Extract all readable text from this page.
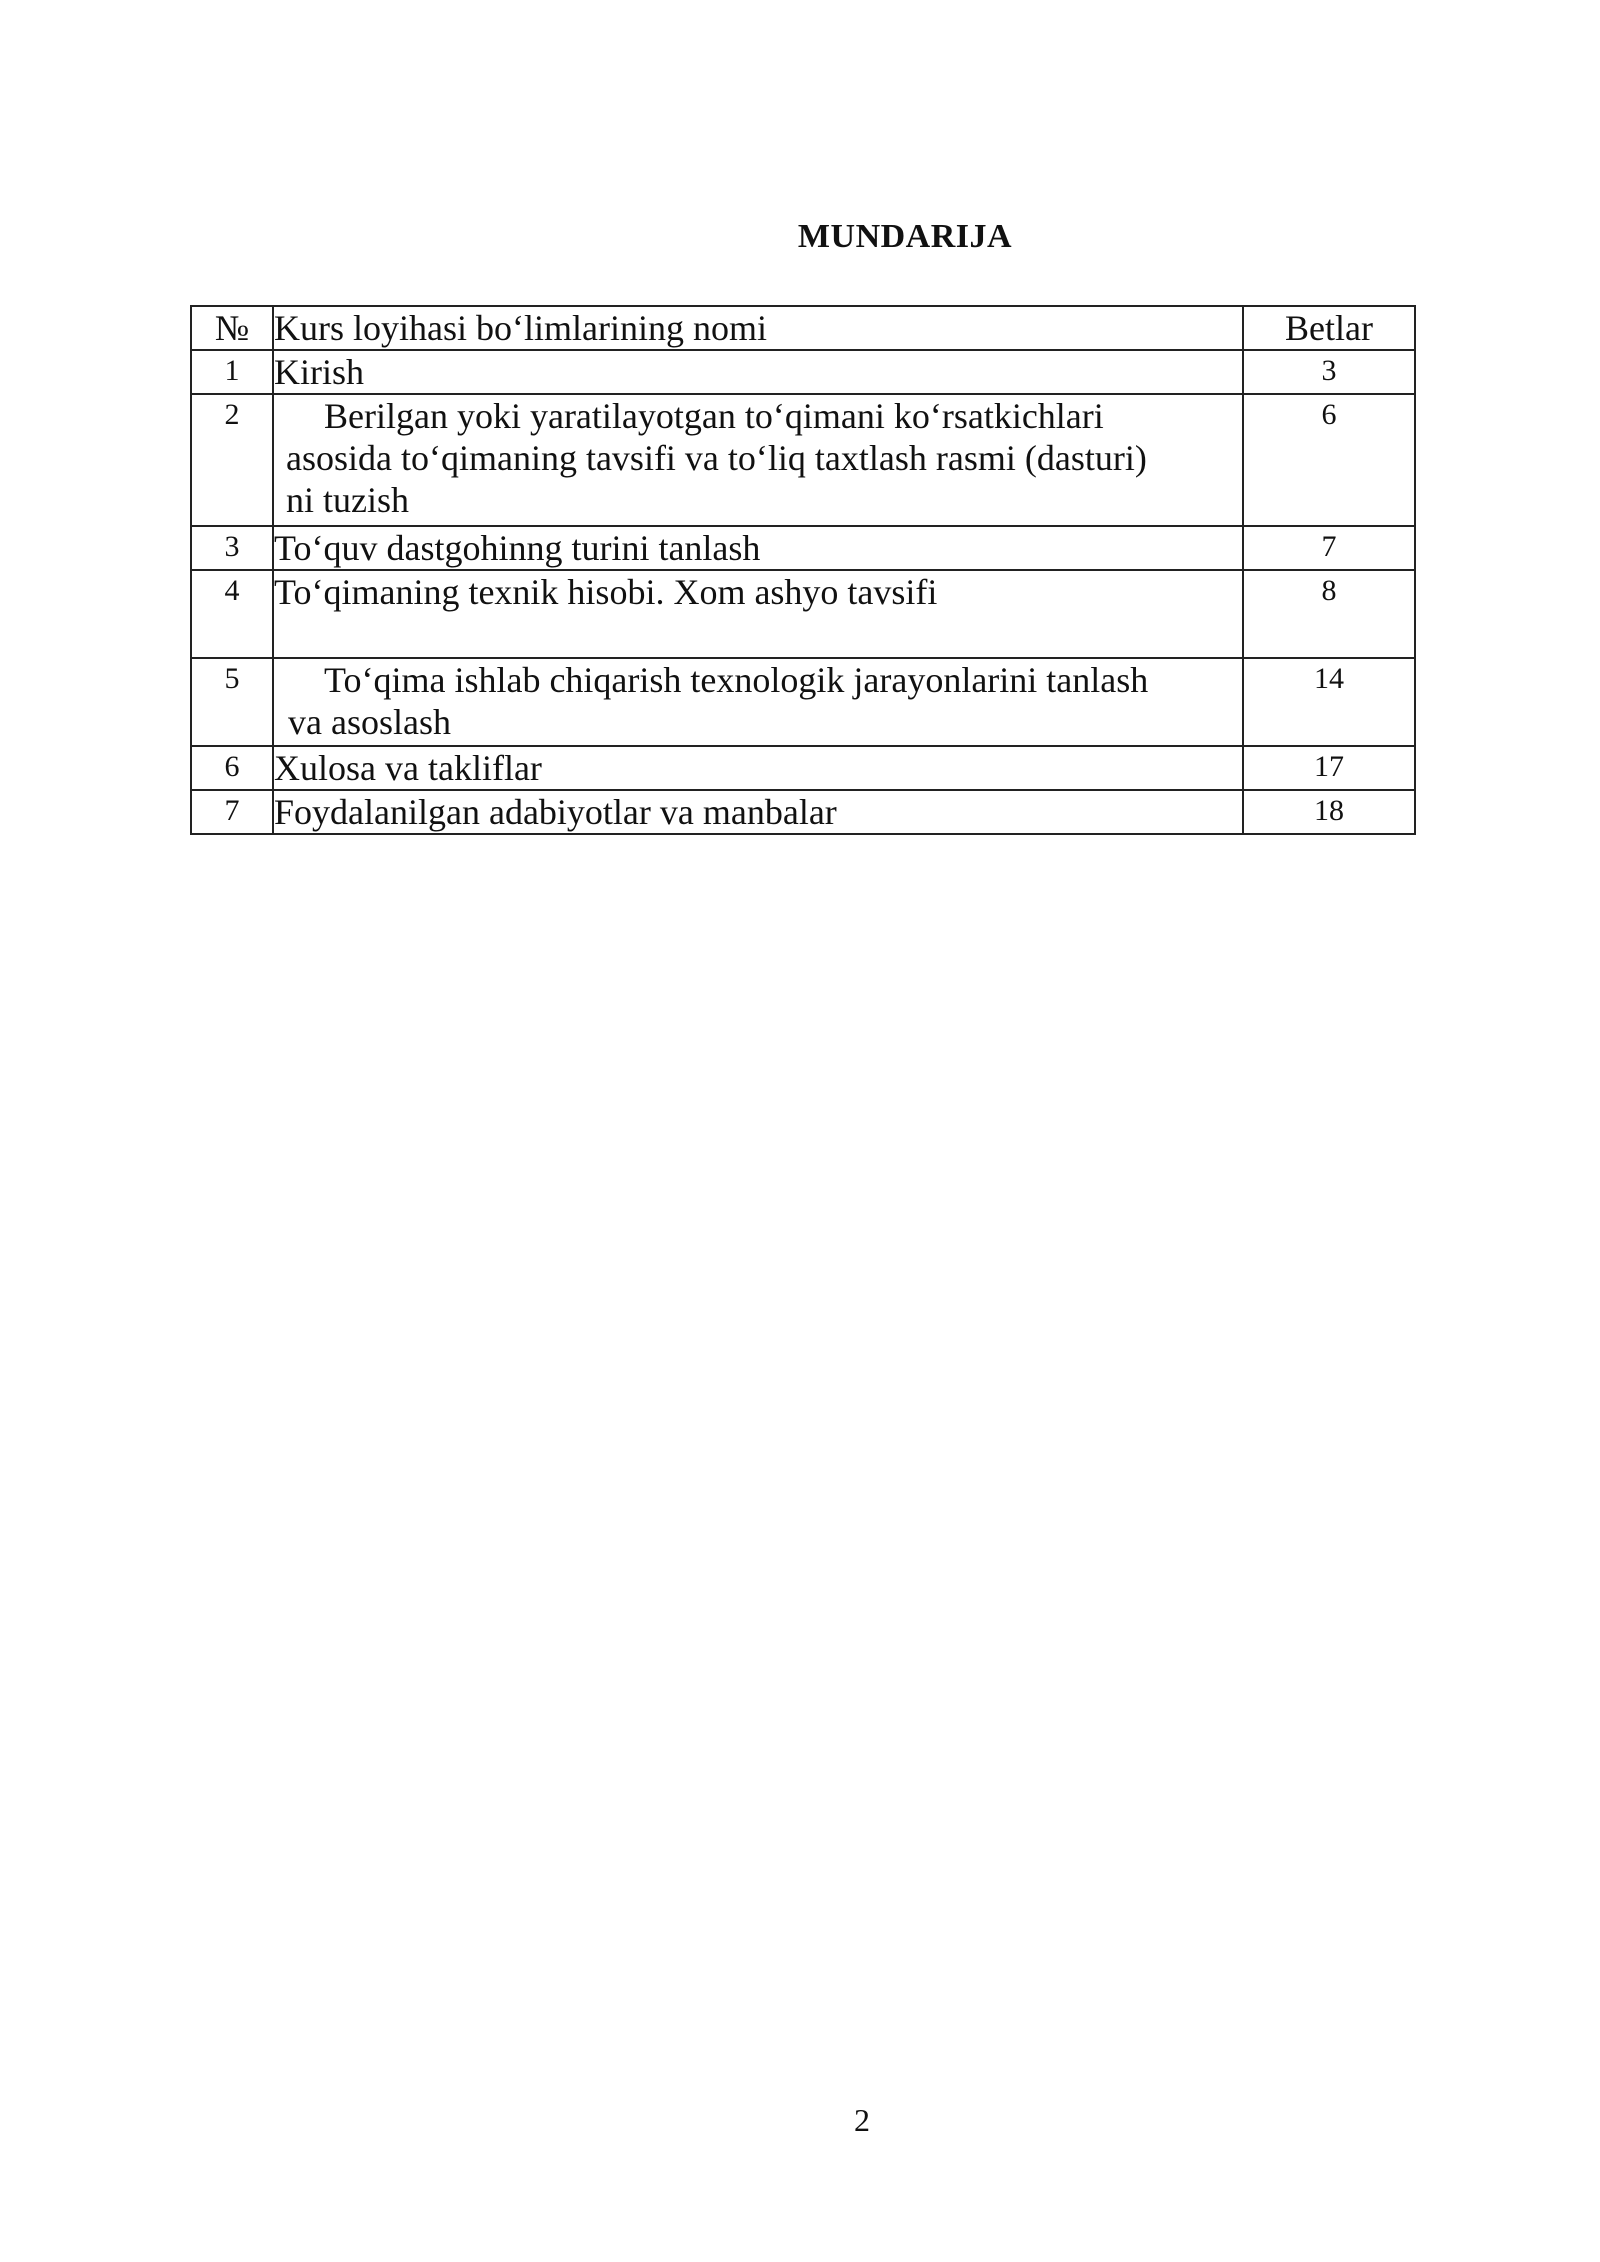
MUNDARIJA
№	Kurs loyihasi bo‘limlarining nomi	Betlar
1	Kirish	3
2	Berilgan yoki yaratilayotgan to‘qimani ko‘rsatkichlari
asosida to‘qimaning tavsifi va to‘liq taxtlash rasmi (dasturi)
ni tuzish	6
3	To‘quv dastgohinng turini tanlash	7
4	To‘qimaning texnik hisobi. Xom ashyo tavsifi	8
5	To‘qima ishlab chiqarish texnologik jarayonlarini tanlash
va asoslash	14
6	Xulosa va takliflar	17
7	Foydalanilgan adabiyotlar va manbalar	18
2
